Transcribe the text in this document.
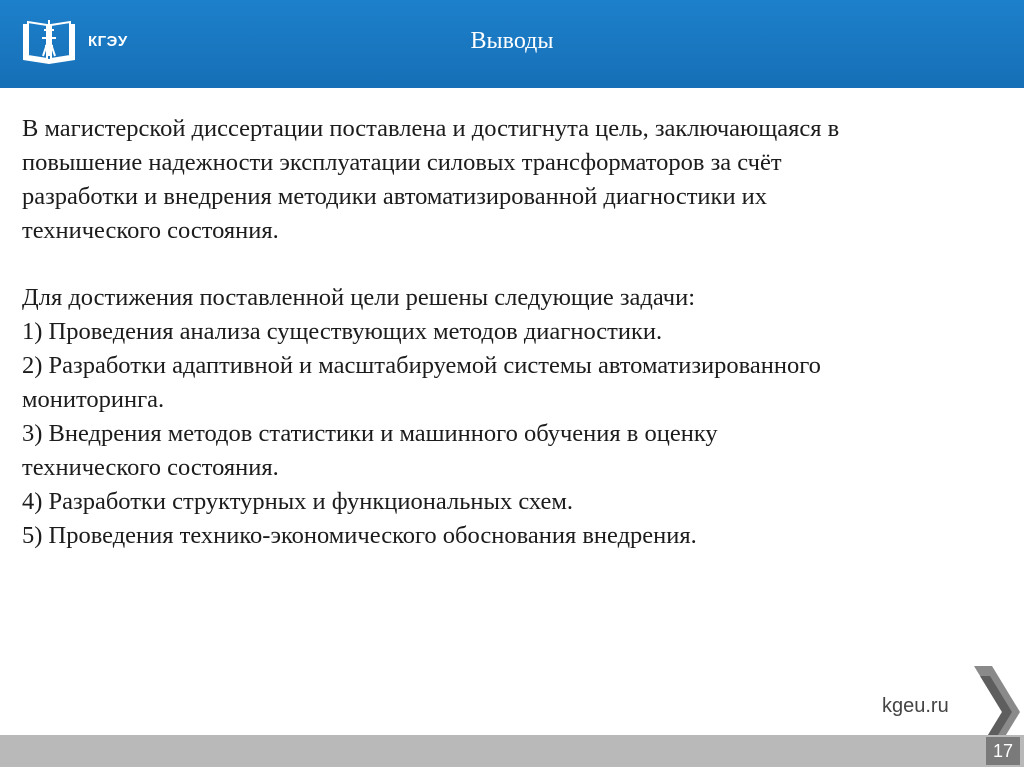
КГЭУ	Выводы

В магистерской диссертации поставлена и достигнута цель, заключающаяся в

повышение надежности эксплуатации силовых трансформаторов за счёт

разработки и внедрения методики автоматизированной диагностики их

технического состояния.

Для достижения поставленной цели решены следующие задачи:

1) Проведения анализа существующих методов диагностики.

2) Разработки адаптивной и масштабируемой системы автоматизированного

мониторинга.

3) Внедрения методов статистики и машинного обучения в оценку

технического состояния.

4) Разработки структурных и функциональных схем.

5) Проведения технико-экономического обоснования внедрения.

kgeu.ru
17
